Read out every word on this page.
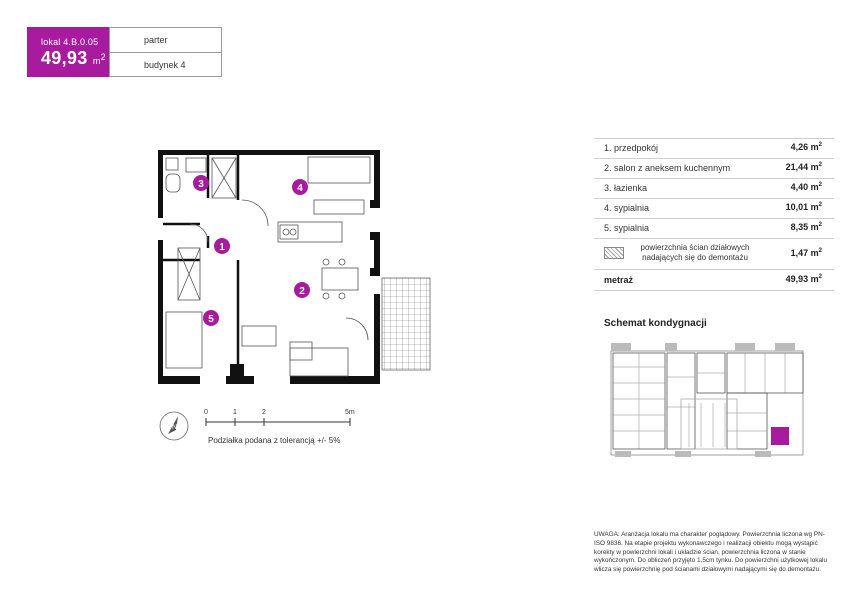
lokal 4.B.0.05
49,93 $m^2$
parter
budynek 4
3	4
1
2
5
N
0	1	2	5m
Podziałka podana z tolerancją +/- 5%
1. przedpokój	4,26 $m^2$
2. salon z aneksem kuchennym	21,44 $m^2$
3. łazienka	4,40 $m^2$
4. sypialnia	10,01 $m^2$
5. sypialnia	8,35 $m^2$
powierzchnia ścian działowych nadających się do demontażu	1,47 $m^2$
metraż	49,93 $m^2$
Schemat kondygnacji
UWAGA: Aranżacja lokalu ma charakter poglądowy. Powierzchnia liczona wg PN-ISO 9836. Na etapie projektu wykonawczego i realizacji obiektu mogą wystąpić korekty w powierzchni lokali i układzie ścian, powierzchnia liczona w stanie wykończonym. Do obliczeń przyjęto 1,5cm tynku. Do powierzchni użytkowej lokalu wlicza się powierzchnię pod ścianami działowymi nadającymi się do demontażu.
